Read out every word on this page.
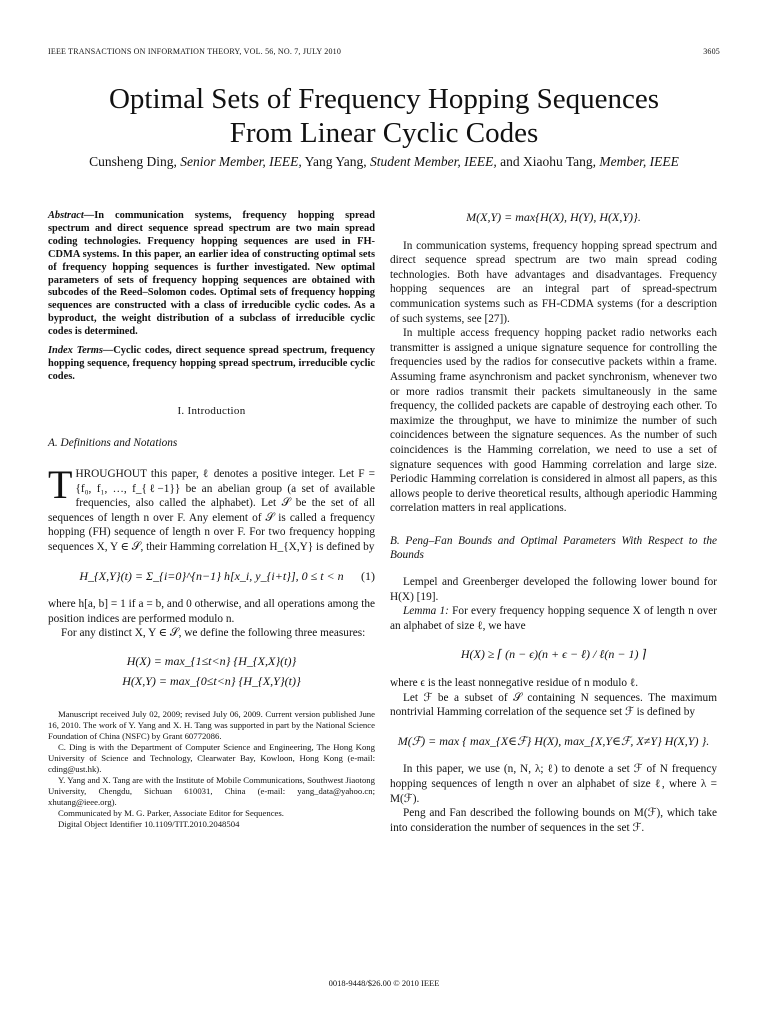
IEEE TRANSACTIONS ON INFORMATION THEORY, VOL. 56, NO. 7, JULY 2010	3605
Optimal Sets of Frequency Hopping Sequences
From Linear Cyclic Codes
Cunsheng Ding, Senior Member, IEEE, Yang Yang, Student Member, IEEE, and Xiaohu Tang, Member, IEEE

Abstract—In communication systems, frequency hopping spread spectrum and direct sequence spread spectrum are two main spread coding technologies. Frequency hopping sequences are used in FH-CDMA systems. In this paper, an earlier idea of constructing optimal sets of frequency hopping sequences is further investigated. New optimal parameters of sets of frequency hopping sequences are obtained with subcodes of the Reed–Solomon codes. Optimal sets of frequency hopping sequences are constructed with a class of irreducible cyclic codes. As a byproduct, the weight distribution of a subclass of irreducible cyclic codes is determined.

Index Terms—Cyclic codes, direct sequence spread spectrum, frequency hopping sequence, frequency hopping spread spectrum, irreducible cyclic codes.

I. Introduction
A. Definitions and Notations

THROUGHOUT this paper, ℓ denotes a positive integer. Let F = {f₀, f₁, …, f_{ℓ−1}} be an abelian group (a set of available frequencies, also called the alphabet). Let 𝒮 be the set of all sequences of length n over F. Any element of 𝒮 is called a frequency hopping (FH) sequence of length n over F. For two frequency hopping sequences X, Y ∈ 𝒮, their Hamming correlation H_{X,Y} is defined by

H_{X,Y}(t) = Σ_{i=0}^{n−1} h[x_i, y_{i+t}], 0 ≤ t < n (1)

where h[a, b] = 1 if a = b, and 0 otherwise, and all operations among the position indices are performed modulo n.

For any distinct X, Y ∈ 𝒮, we define the following three measures:

H(X) = max_{1≤t<n} {H_{X,X}(t)}
H(X,Y) = max_{0≤t<n} {H_{X,Y}(t)}

Manuscript received July 02, 2009; revised July 06, 2009. Current version published June 16, 2010. The work of Y. Yang and X. H. Tang was supported in part by the National Science Foundation of China (NSFC) by Grant 60772086.

C. Ding is with the Department of Computer Science and Engineering, The Hong Kong University of Science and Technology, Clearwater Bay, Kowloon, Hong Kong (e-mail: cding@ust.hk).

Y. Yang and X. Tang are with the Institute of Mobile Communications, Southwest Jiaotong University, Chengdu, Sichuan 610031, China (e-mail: yang_data@yahoo.cn; xhutang@ieee.org).

Communicated by M. G. Parker, Associate Editor for Sequences.

Digital Object Identifier 10.1109/TIT.2010.2048504

M(X,Y) = max{H(X), H(Y), H(X,Y)}.

In communication systems, frequency hopping spread spectrum and direct sequence spread spectrum are two main spread coding technologies. Both have advantages and disadvantages. Frequency hopping sequences are an integral part of spread-spectrum communication systems such as FH-CDMA systems (for a description of such systems, see [27]).

In multiple access frequency hopping packet radio networks each transmitter is assigned a unique signature sequence for controlling the frequencies used by the radios for consecutive packets within a frame. Assuming frame asynchronism and packet synchronism, whenever two or more radios transmit their packets simultaneously in the same frequency, the collided packets are capable of destroying each other. To maximize the throughput, we have to minimize the number of such coincidences between the signature sequences. As the number of such coincidences is the Hamming correlation, we need to use a set of signature sequences with good Hamming correlation and large size. Periodic Hamming correlation is considered in almost all papers, as this allows people to derive theoretical results, although aperiodic Hamming correlation matters in real applications.

B. Peng–Fan Bounds and Optimal Parameters With Respect to the Bounds

Lempel and Greenberger developed the following lower bound for H(X) [19].

Lemma 1: For every frequency hopping sequence X of length n over an alphabet of size ℓ, we have

H(X) ≥ ⌈ (n − ϵ)(n + ϵ − ℓ) / ℓ(n − 1) ⌉

where ϵ is the least nonnegative residue of n modulo ℓ.

Let ℱ be a subset of 𝒮 containing N sequences. The maximum nontrivial Hamming correlation of the sequence set ℱ is defined by

M(ℱ) = max { max_{X∈ℱ} H(X), max_{X,Y∈ℱ, X≠Y} H(X,Y) }.

In this paper, we use (n, N, λ; ℓ) to denote a set ℱ of N frequency hopping sequences of length n over an alphabet of size ℓ, where λ = M(ℱ).

Peng and Fan described the following bounds on M(ℱ), which take into consideration the number of sequences in the set ℱ.

0018-9448/$26.00 © 2010 IEEE
